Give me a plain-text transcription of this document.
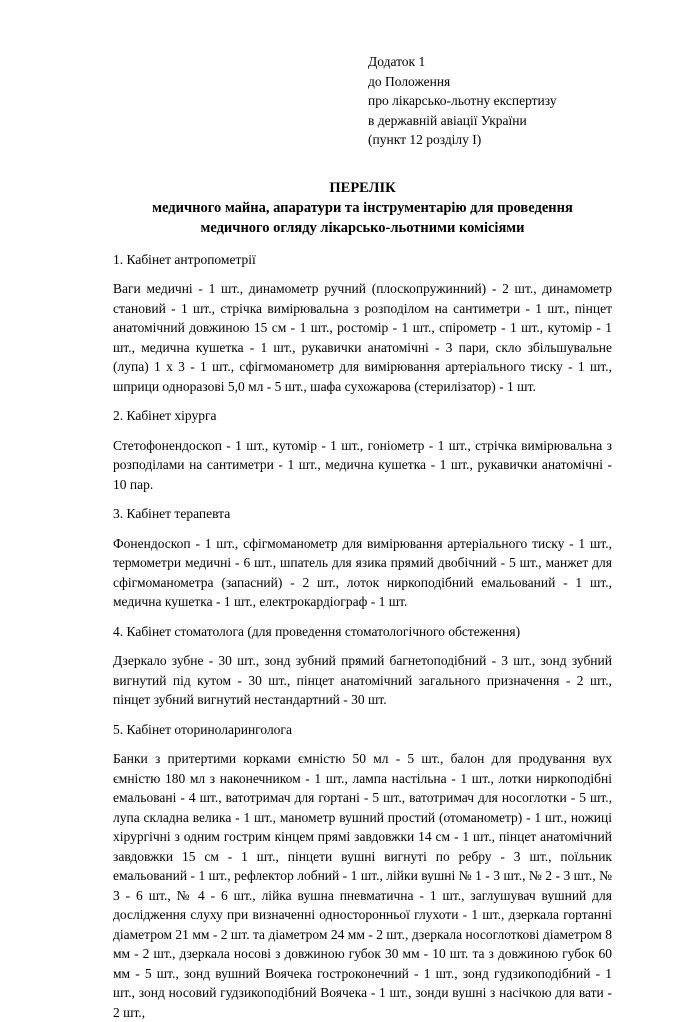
Додаток 1
до Положення
про лікарсько-льотну експертизу
в державній авіації України
(пункт 12 розділу I)
ПЕРЕЛІК
медичного майна, апаратури та інструментарію для проведення
медичного огляду лікарсько-льотними комісіями
1. Кабінет антропометрії

Ваги медичні - 1 шт., динамометр ручний (плоскопружинний) - 2 шт., динамометр становий - 1 шт., стрічка вимірювальна з розподілом на сантиметри - 1 шт., пінцет анатомічний довжиною 15 см - 1 шт., ростомір - 1 шт., спірометр - 1 шт., кутомір - 1 шт., медична кушетка - 1 шт., рукавички анатомічні - 3 пари, скло збільшувальне (лупа) 1 х 3 - 1 шт., сфігмоманометр для вимірювання артеріального тиску - 1 шт., шприци одноразові 5,0 мл - 5 шт., шафа сухожарова (стерилізатор) - 1 шт.

2. Кабінет хірурга

Стетофонендоскоп - 1 шт., кутомір - 1 шт., гоніометр - 1 шт., стрічка вимірювальна з розподілами на сантиметри - 1 шт., медична кушетка - 1 шт., рукавички анатомічні - 10 пар.

3. Кабінет терапевта

Фонендоскоп - 1 шт., сфігмоманометр для вимірювання артеріального тиску - 1 шт., термометри медичні - 6 шт., шпатель для язика прямий двобічний - 5 шт., манжет для сфігмоманометра (запасний) - 2 шт., лоток ниркоподібний емальований - 1 шт., медична кушетка - 1 шт., електрокардіограф - 1 шт.

4. Кабінет стоматолога (для проведення стоматологічного обстеження)

Дзеркало зубне - 30 шт., зонд зубний прямий багнетоподібний - 3 шт., зонд зубний вигнутий під кутом - 30 шт., пінцет анатомічний загального призначення - 2 шт., пінцет зубний вигнутий нестандартний - 30 шт.

5. Кабінет оториноларинголога

Банки з притертими корками ємністю 50 мл - 5 шт., балон для продування вух ємністю 180 мл з наконечником - 1 шт., лампа настільна - 1 шт., лотки ниркоподібні емальовані - 4 шт., ватотримач для гортані - 5 шт., ватотримач для носоглотки - 5 шт., лупа складна велика - 1 шт., манометр вушний простий (отоманометр) - 1 шт., ножиці хірургічні з одним гострим кінцем прямі завдовжки 14 см - 1 шт., пінцет анатомічний завдовжки 15 см - 1 шт., пінцети вушні вигнуті по ребру - 3 шт., поїльник емальований - 1 шт., рефлектор лобний - 1 шт., лійки вушні № 1 - 3 шт., № 2 - 3 шт., № 3 - 6 шт., № 4 - 6 шт., лійка вушна пневматична - 1 шт., заглушувач вушний для дослідження слуху при визначенні односторонньої глухоти - 1 шт., дзеркала гортанні діаметром 21 мм - 2 шт. та діаметром 24 мм - 2 шт., дзеркала носоглоткові діаметром 8 мм - 2 шт., дзеркала носові з довжиною губок 30 мм - 10 шт. та з довжиною губок 60 мм - 5 шт., зонд вушний Воячека гостроконечний - 1 шт., зонд гудзикоподібний - 1 шт., зонд носовий гудзикоподібний Воячека - 1 шт., зонди вушні з насічкою для вати - 2 шт.,
